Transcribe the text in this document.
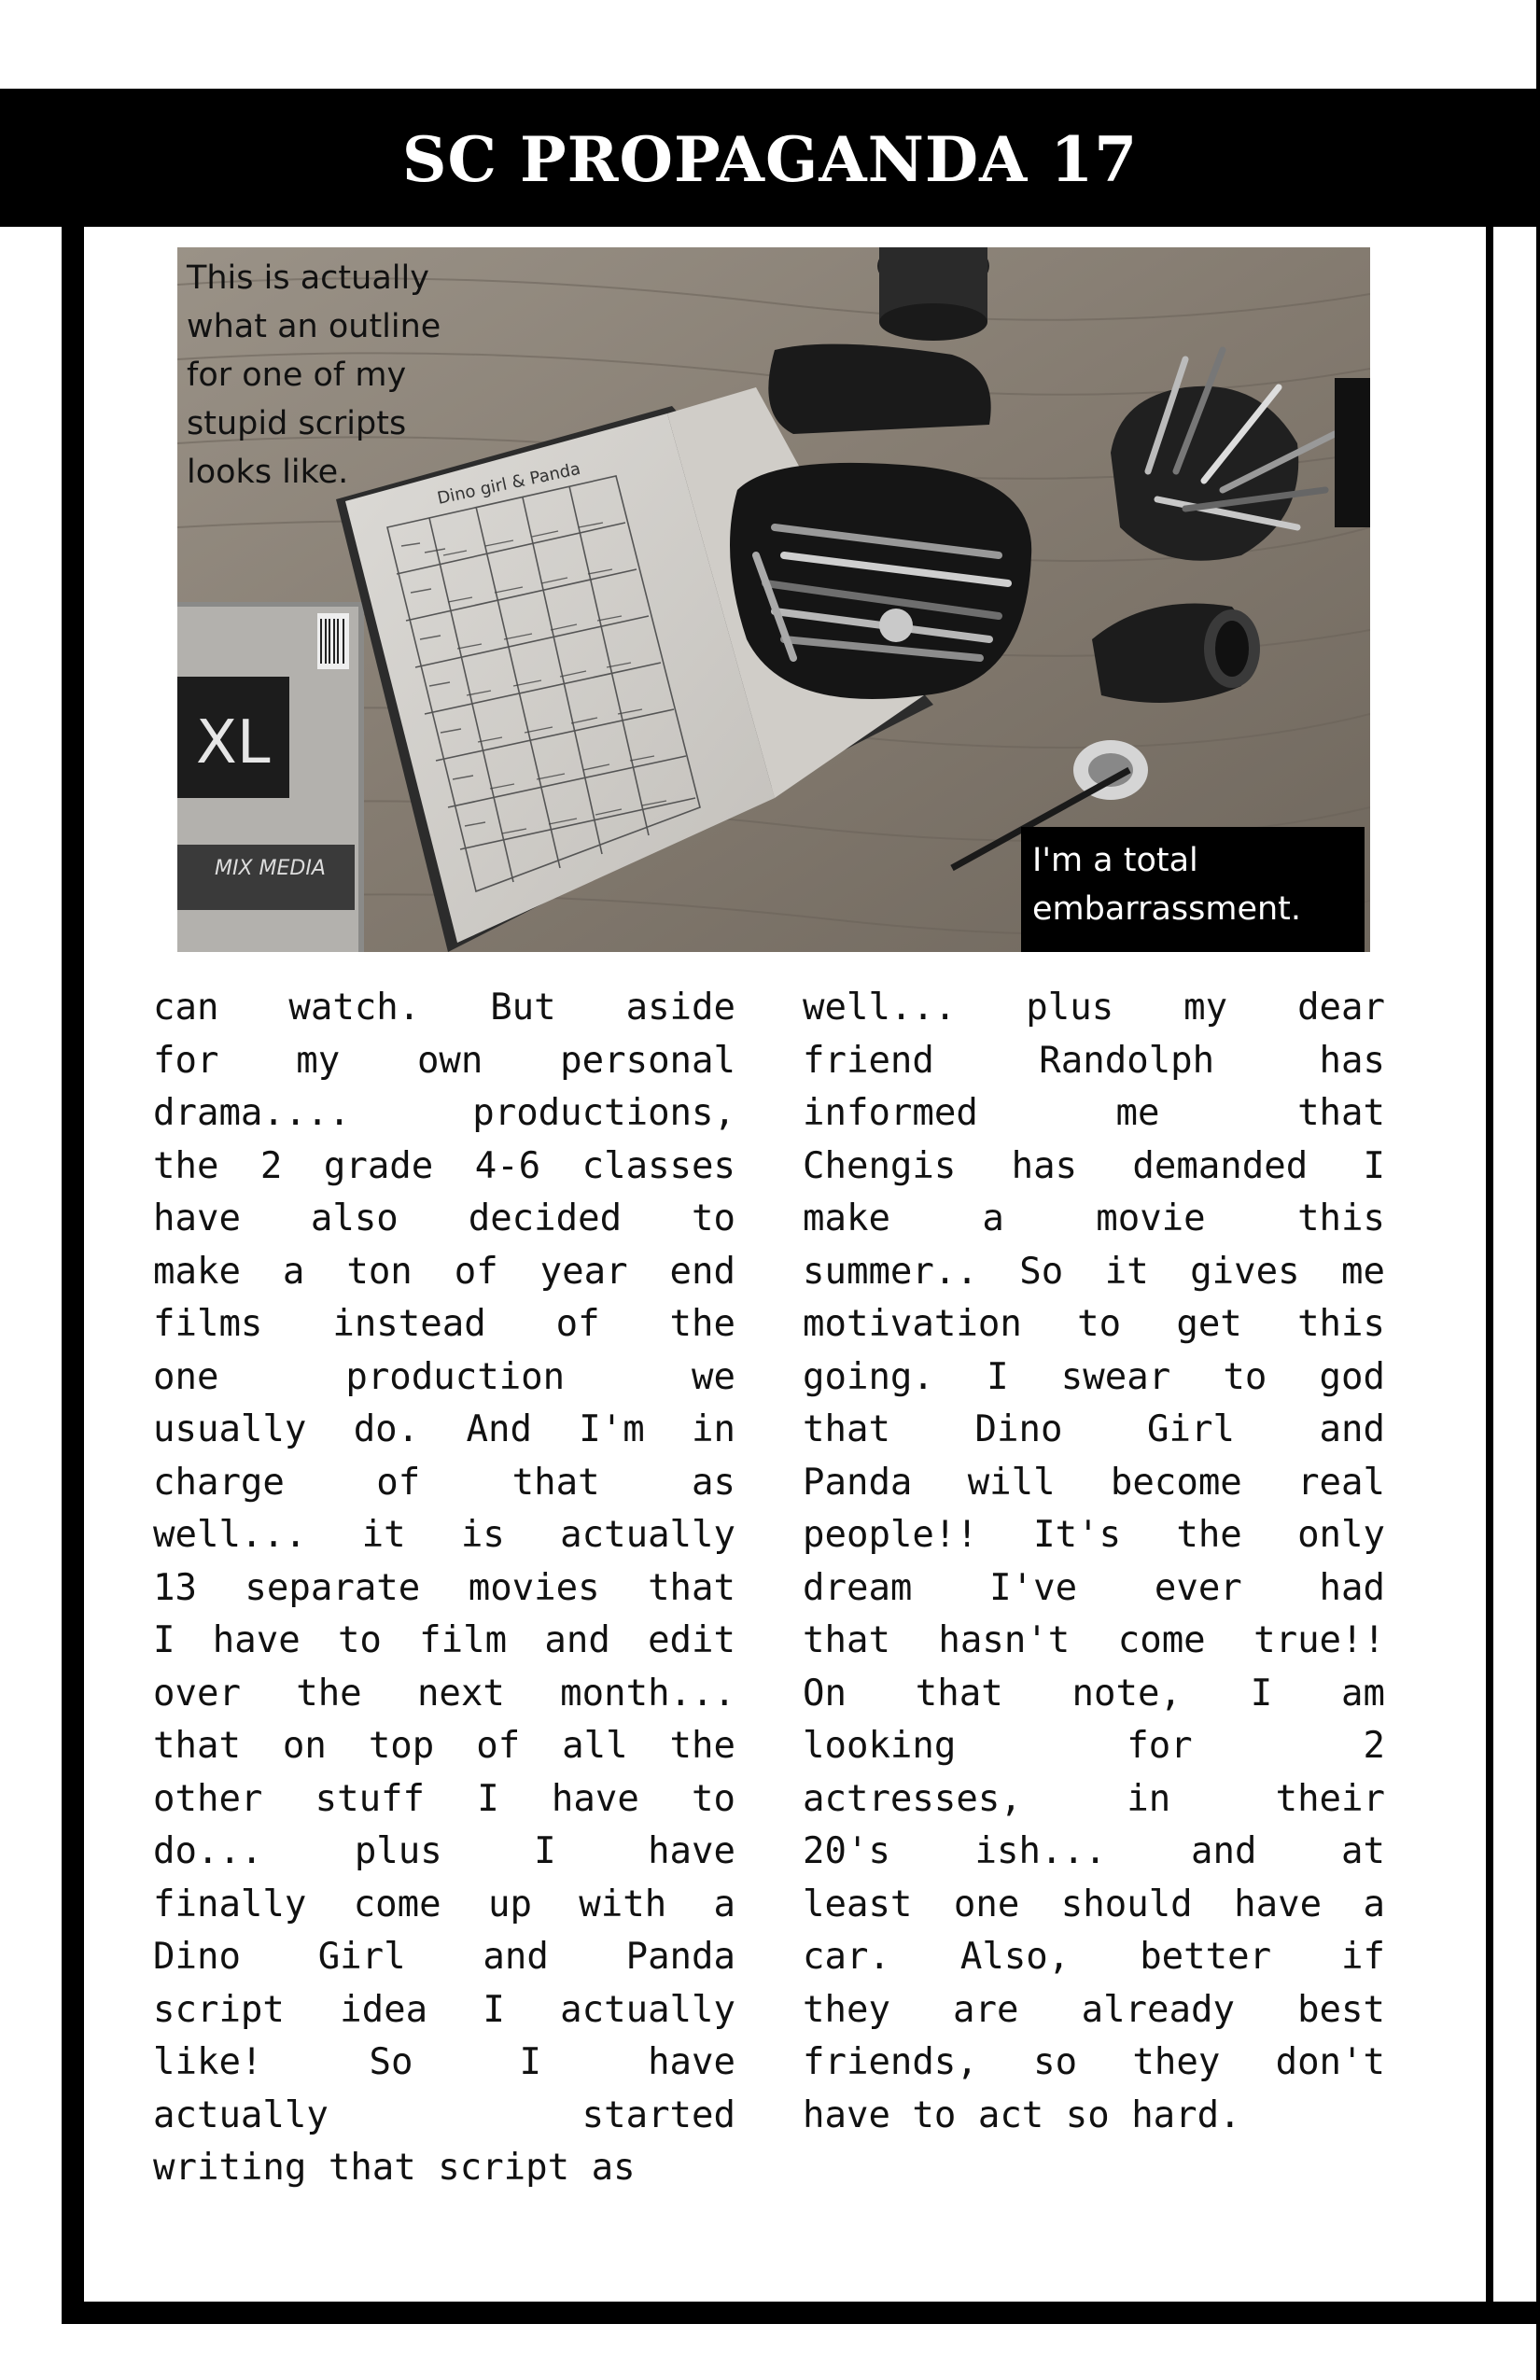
SC PROPAGANDA 17
XL
MIX MEDIA
Dino girl & Panda
This is actually
what an outline
for one of my
stupid scripts
looks like.
I'm a total
embarrassment.
can watch. But aside
for my own personal
drama.... productions,
the 2 grade 4-6 classes
have also decided to
make a ton of year end
films instead of the
one production we
usually do. And I'm in
charge of that as
well... it is actually
13 separate movies that
I have to film and edit
over the next month...
that on top of all the
other stuff I have to
do... plus I have
finally come up with a
Dino Girl and Panda
script idea I actually
like! So I have
actually started
writing that script as
well... plus my dear
friend Randolph has
informed me that
Chengis has demanded I
make a movie this
summer.. So it gives me
motivation to get this
going. I swear to god
that Dino Girl and
Panda will become real
people!! It's the only
dream I've ever had
that hasn't come true!!
On that note, I am
looking for 2
actresses, in their
20's ish... and at
least one should have a
car. Also, better if
they are already best
friends, so they don't
have to act so hard.
